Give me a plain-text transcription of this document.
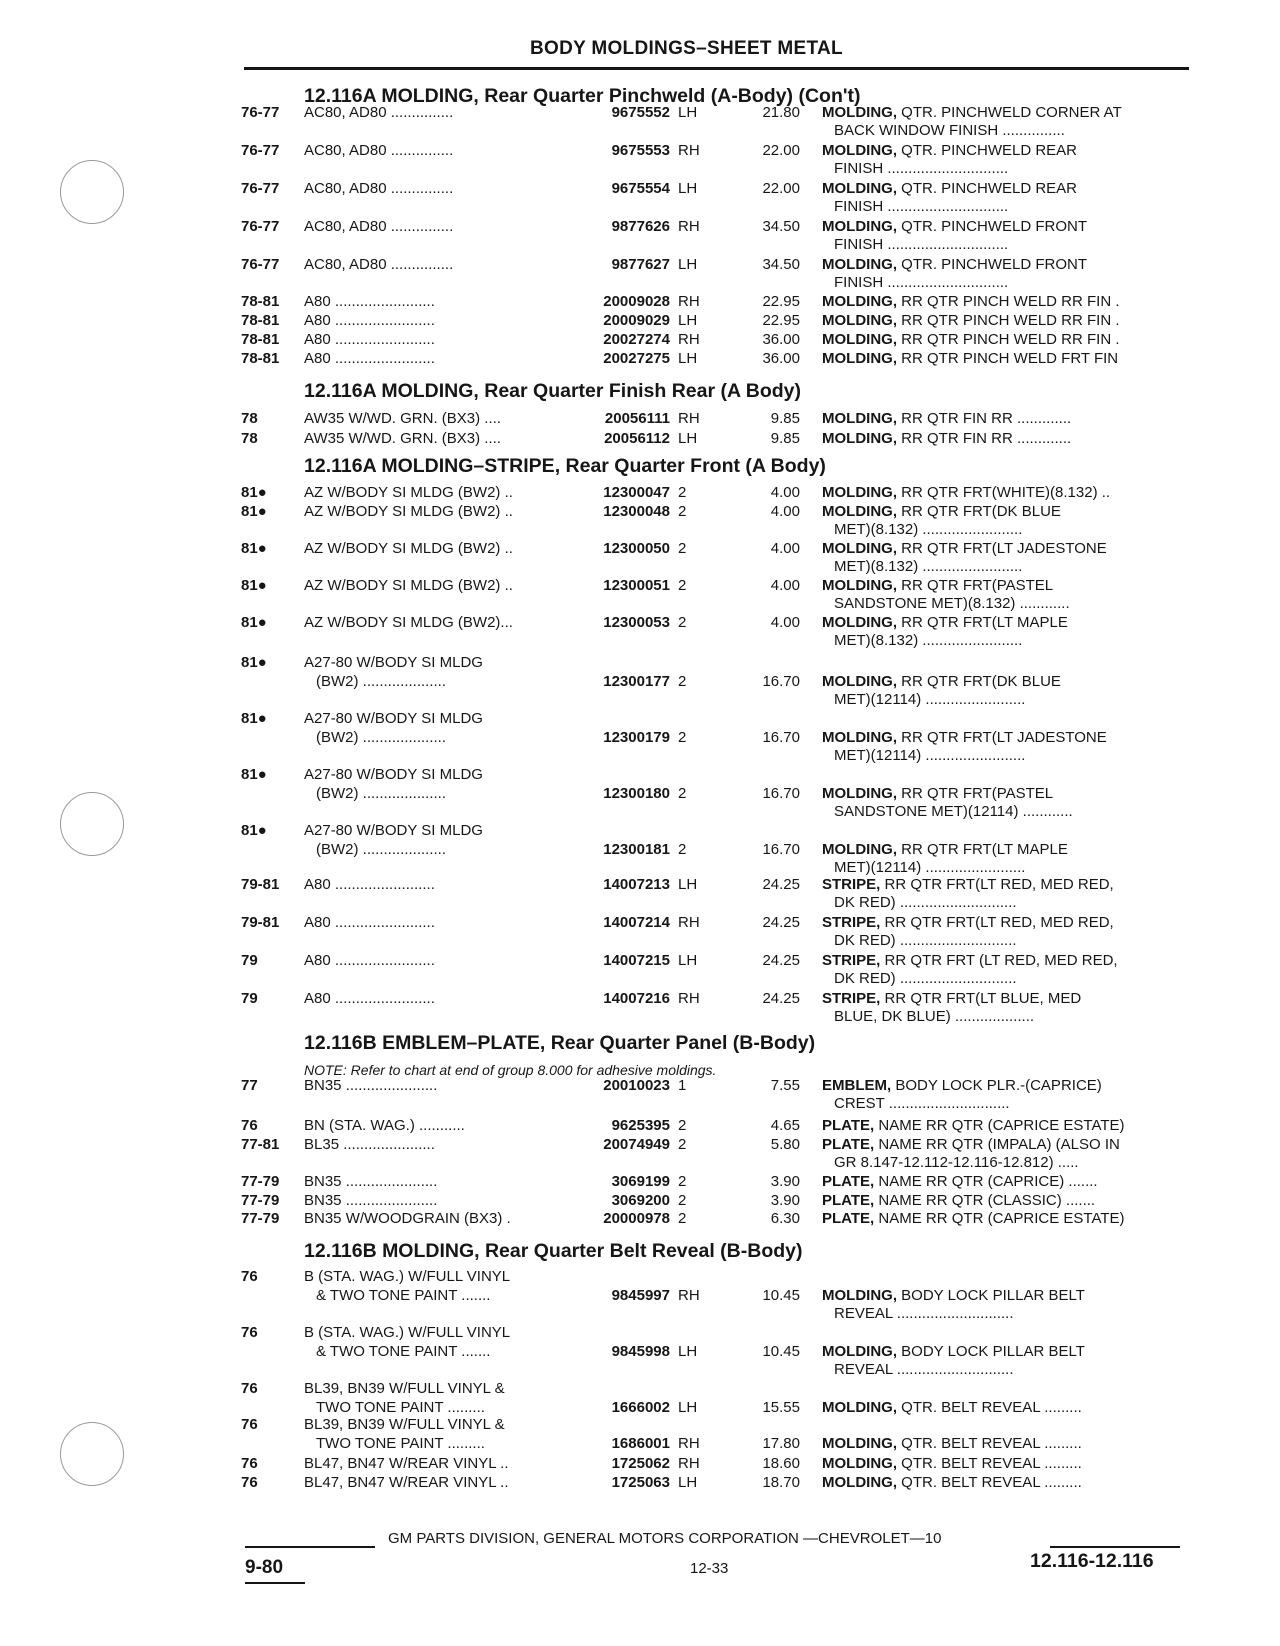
BODY MOLDINGS–SHEET METAL
12.116A MOLDING, Rear Quarter Pinchweld (A-Body) (Con't)
76-77 AC80, AD80 ...............	9675552 LH	21.80 MOLDING, QTR. PINCHWELD CORNER AT
BACK WINDOW FINISH ...............
76-77 AC80, AD80 ...............	9675553 RH	22.00 MOLDING, QTR. PINCHWELD REAR
FINISH .............................
76-77 AC80, AD80 ...............	9675554 LH	22.00 MOLDING, QTR. PINCHWELD REAR
FINISH .............................
76-77 AC80, AD80 ...............	9877626 RH	34.50 MOLDING, QTR. PINCHWELD FRONT
FINISH .............................
76-77 AC80, AD80 ...............	9877627 LH	34.50 MOLDING, QTR. PINCHWELD FRONT
FINISH .............................
78-81 A80 ........................	20009028 RH	22.95 MOLDING, RR QTR PINCH WELD RR FIN .
78-81 A80 ........................	20009029 LH	22.95 MOLDING, RR QTR PINCH WELD RR FIN .
78-81 A80 ........................	20027274 RH	36.00 MOLDING, RR QTR PINCH WELD RR FIN .
78-81 A80 ........................	20027275 LH	36.00 MOLDING, RR QTR PINCH WELD FRT FIN
12.116A MOLDING, Rear Quarter Finish Rear (A Body)
78	AW35 W/WD. GRN. (BX3) ....	20056111 RH	9.85 MOLDING, RR QTR FIN RR .............
78	AW35 W/WD. GRN. (BX3) ....	20056112 LH	9.85 MOLDING, RR QTR FIN RR .............
12.116A MOLDING–STRIPE, Rear Quarter Front (A Body)
81● AZ W/BODY SI MLDG (BW2) ..	12300047 2	4.00 MOLDING, RR QTR FRT(WHITE)(8.132) ..
81● AZ W/BODY SI MLDG (BW2) ..	12300048 2	4.00 MOLDING, RR QTR FRT(DK BLUE
MET)(8.132) ........................
81● AZ W/BODY SI MLDG (BW2) ..	12300050 2	4.00 MOLDING, RR QTR FRT(LT JADESTONE
MET)(8.132) ........................
81● AZ W/BODY SI MLDG (BW2) ..	12300051 2	4.00 MOLDING, RR QTR FRT(PASTEL
SANDSTONE MET)(8.132) ............
81● AZ W/BODY SI MLDG (BW2)...	12300053 2	4.00 MOLDING, RR QTR FRT(LT MAPLE
MET)(8.132) ........................
81● A27-80 W/BODY SI MLDG
(BW2) ....................	12300177 2	16.70 MOLDING, RR QTR FRT(DK BLUE
MET)(12114) ........................
81● A27-80 W/BODY SI MLDG
(BW2) ....................	12300179 2	16.70 MOLDING, RR QTR FRT(LT JADESTONE
MET)(12114) ........................
81● A27-80 W/BODY SI MLDG
(BW2) ....................	12300180 2	16.70 MOLDING, RR QTR FRT(PASTEL
SANDSTONE MET)(12114) ............
81● A27-80 W/BODY SI MLDG
(BW2) ....................	12300181 2	16.70 MOLDING, RR QTR FRT(LT MAPLE
MET)(12114) ........................
79-81 A80 ........................	14007213 LH	24.25 STRIPE, RR QTR FRT(LT RED, MED RED,
DK RED) ............................
79-81 A80 ........................	14007214 RH	24.25 STRIPE, RR QTR FRT(LT RED, MED RED,
DK RED) ............................
79	A80 ........................	14007215 LH	24.25 STRIPE, RR QTR FRT (LT RED, MED RED,
DK RED) ............................
79	A80 ........................	14007216 RH	24.25 STRIPE, RR QTR FRT(LT BLUE, MED
BLUE, DK BLUE) ...................
12.116B EMBLEM–PLATE, Rear Quarter Panel (B-Body)
NOTE: Refer to chart at end of group 8.000 for adhesive moldings.
77	BN35 ......................	20010023 1	7.55 EMBLEM, BODY LOCK PLR.-(CAPRICE)
CREST .............................
76	BN (STA. WAG.) ...........	9625395 2	4.65 PLATE, NAME RR QTR (CAPRICE ESTATE)
77-81 BL35 ......................	20074949 2	5.80 PLATE, NAME RR QTR (IMPALA) (ALSO IN
GR 8.147-12.112-12.116-12.812) .....
77-79 BN35 ......................	3069199 2	3.90 PLATE, NAME RR QTR (CAPRICE) .......
77-79 BN35 ......................	3069200 2	3.90 PLATE, NAME RR QTR (CLASSIC) .......
77-79 BN35 W/WOODGRAIN (BX3) .	20000978 2	6.30 PLATE, NAME RR QTR (CAPRICE ESTATE)
12.116B MOLDING, Rear Quarter Belt Reveal (B-Body)
76	B (STA. WAG.) W/FULL VINYL
& TWO TONE PAINT .......	9845997 RH	10.45 MOLDING, BODY LOCK PILLAR BELT
REVEAL ............................
76	B (STA. WAG.) W/FULL VINYL
& TWO TONE PAINT .......	9845998 LH	10.45 MOLDING, BODY LOCK PILLAR BELT
REVEAL ............................
76	BL39, BN39 W/FULL VINYL &
TWO TONE PAINT .........	1666002 LH	15.55 MOLDING, QTR. BELT REVEAL .........
76	BL39, BN39 W/FULL VINYL &
TWO TONE PAINT .........	1686001 RH	17.80 MOLDING, QTR. BELT REVEAL .........
76	BL47, BN47 W/REAR VINYL ..	1725062 RH	18.60 MOLDING, QTR. BELT REVEAL .........
76	BL47, BN47 W/REAR VINYL ..	1725063 LH	18.70 MOLDING, QTR. BELT REVEAL .........
GM PARTS DIVISION, GENERAL MOTORS CORPORATION —CHEVROLET—10
9-80	12-33	12.116-12.116
